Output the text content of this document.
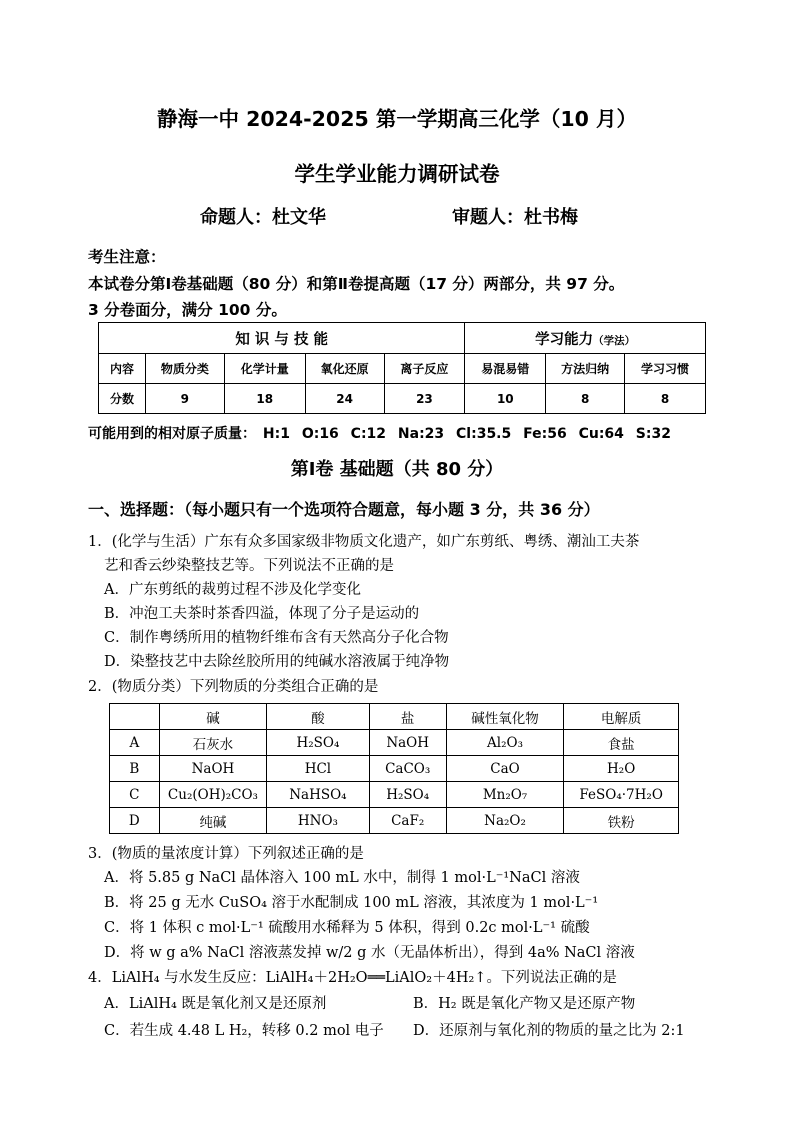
静海一中 2024-2025 第一学期高三化学（10 月）
学生学业能力调研试卷
命题人：杜文华	审题人：杜书梅
考生注意：
本试卷分第Ⅰ卷基础题（80 分）和第Ⅱ卷提高题（17 分）两部分，共 97 分。
3 分卷面分，满分 100 分。
知 识 与 技 能					学习能力（学法）		
内容	物质分类	化学计量	氧化还原	离子反应	易混易错	方法归纳	学习习惯
分数	9	18	24	23	10	8	8
可能用到的相对原子质量： H:1 O:16 C:12 Na:23 Cl:35.5 Fe:56 Cu:64 S:32
第Ⅰ卷 基础题（共 80 分）
一、选择题：（每小题只有一个选项符合题意，每小题 3 分，共 36 分）
1．(化学与生活）广东有众多国家级非物质文化遗产，如广东剪纸、粤绣、潮汕工夫茶
艺和香云纱染整技艺等。下列说法不正确的是
A．广东剪纸的裁剪过程不涉及化学变化
B．冲泡工夫茶时茶香四溢，体现了分子是运动的
C．制作粤绣所用的植物纤维布含有天然高分子化合物
D．染整技艺中去除丝胶所用的纯碱水溶液属于纯净物
2．(物质分类）下列物质的分类组合正确的是
	碱	酸	盐	碱性氧化物	电解质
A	石灰水	H₂SO₄	NaOH	Al₂O₃	食盐
B	NaOH	HCl	CaCO₃	CaO	H₂O
C	Cu₂(OH)₂CO₃	NaHSO₄	H₂SO₄	Mn₂O₇	FeSO₄·7H₂O
D	纯碱	HNO₃	CaF₂	Na₂O₂	铁粉
3．(物质的量浓度计算）下列叙述正确的是
A．将 5.85 g NaCl 晶体溶入 100 mL 水中，制得 1 mol·L⁻¹NaCl 溶液
B．将 25 g 无水 CuSO₄ 溶于水配制成 100 mL 溶液，其浓度为 1 mol·L⁻¹
C．将 1 体积 c mol·L⁻¹ 硫酸用水稀释为 5 体积，得到 0.2c mol·L⁻¹ 硫酸
D．将 w g a% NaCl 溶液蒸发掉 w/2 g 水（无晶体析出），得到 4a% NaCl 溶液
4．LiAlH₄ 与水发生反应：LiAlH₄＋2H₂O══LiAlO₂＋4H₂↑。下列说法正确的是
A．LiAlH₄ 既是氧化剂又是还原剂	B．H₂ 既是氧化产物又是还原产物
C．若生成 4.48 L H₂，转移 0.2 mol 电子 D．还原剂与氧化剂的物质的量之比为 2:1
